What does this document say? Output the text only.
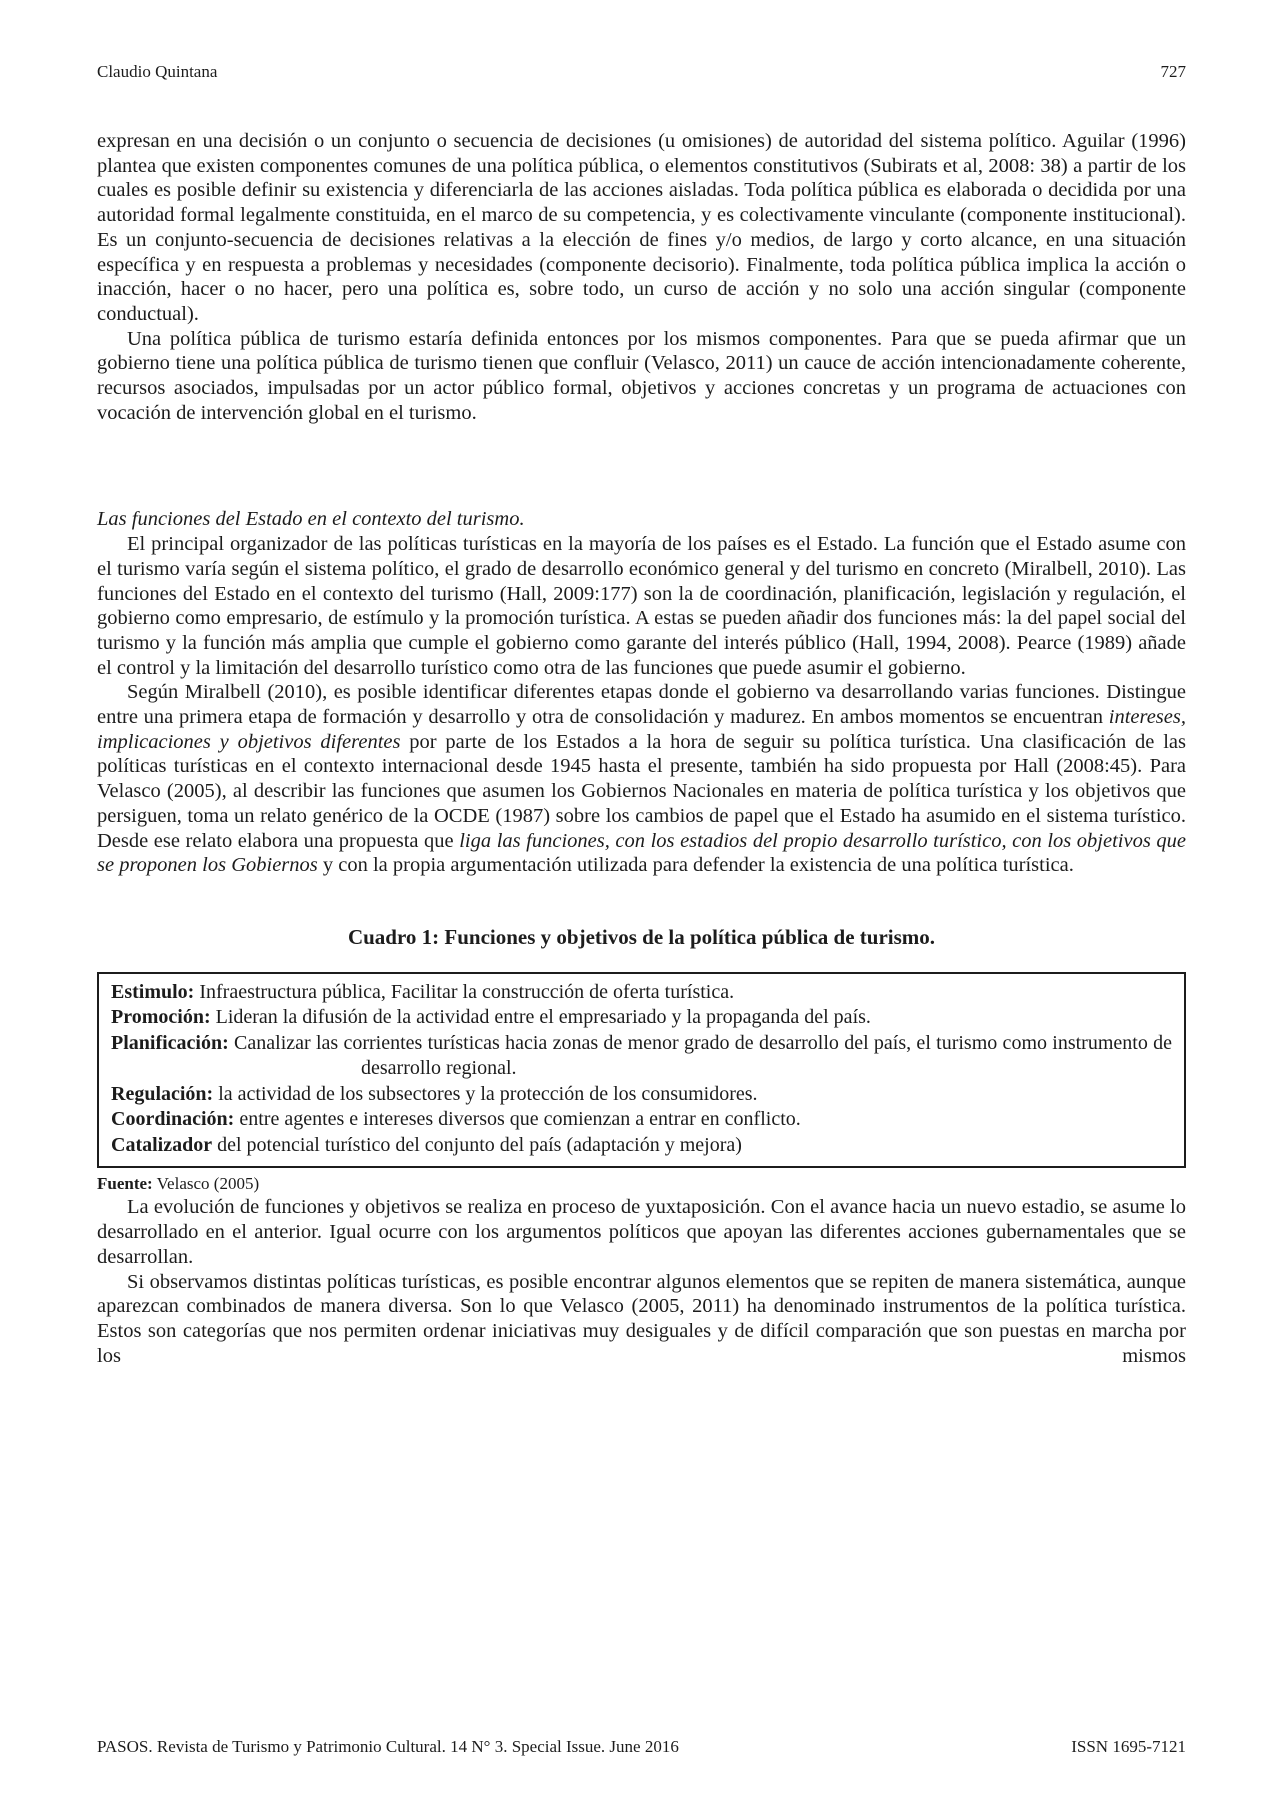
Claudio Quintana	727

expresan en una decisión o un conjunto o secuencia de decisiones (u omisiones) de autoridad del sistema político. Aguilar (1996) plantea que existen componentes comunes de una política pública, o elementos constitutivos (Subirats et al, 2008: 38) a partir de los cuales es posible definir su existencia y diferenciarla de las acciones aisladas. Toda política pública es elaborada o decidida por una autoridad formal legalmente constituida, en el marco de su competencia, y es colectivamente vinculante (componente institucional). Es un conjunto-secuencia de decisiones relativas a la elección de fines y/o medios, de largo y corto alcance, en una situación específica y en respuesta a problemas y necesidades (componente decisorio). Finalmente, toda política pública implica la acción o inacción, hacer o no hacer, pero una política es, sobre todo, un curso de acción y no solo una acción singular (componente conductual).

Una política pública de turismo estaría definida entonces por los mismos componentes. Para que se pueda afirmar que un gobierno tiene una política pública de turismo tienen que confluir (Velasco, 2011) un cauce de acción intencionadamente coherente, recursos asociados, impulsadas por un actor público formal, objetivos y acciones concretas y un programa de actuaciones con vocación de intervención global en el turismo.

Las funciones del Estado en el contexto del turismo.

El principal organizador de las políticas turísticas en la mayoría de los países es el Estado. La función que el Estado asume con el turismo varía según el sistema político, el grado de desarrollo económico general y del turismo en concreto (Miralbell, 2010). Las funciones del Estado en el contexto del turismo (Hall, 2009:177) son la de coordinación, planificación, legislación y regulación, el gobierno como empresario, de estímulo y la promoción turística. A estas se pueden añadir dos funciones más: la del papel social del turismo y la función más amplia que cumple el gobierno como garante del interés público (Hall, 1994, 2008). Pearce (1989) añade el control y la limitación del desarrollo turístico como otra de las funciones que puede asumir el gobierno.

Según Miralbell (2010), es posible identificar diferentes etapas donde el gobierno va desarrollando varias funciones. Distingue entre una primera etapa de formación y desarrollo y otra de consolidación y madurez. En ambos momentos se encuentran intereses, implicaciones y objetivos diferentes por parte de los Estados a la hora de seguir su política turística. Una clasificación de las políticas turísticas en el contexto internacional desde 1945 hasta el presente, también ha sido propuesta por Hall (2008:45). Para Velasco (2005), al describir las funciones que asumen los Gobiernos Nacionales en materia de política turística y los objetivos que persiguen, toma un relato genérico de la OCDE (1987) sobre los cambios de papel que el Estado ha asumido en el sistema turístico. Desde ese relato elabora una propuesta que liga las funciones, con los estadios del propio desarrollo turístico, con los objetivos que se proponen los Gobiernos y con la propia argumentación utilizada para defender la existencia de una política turística.

Cuadro 1: Funciones y objetivos de la política pública de turismo.
Estimulo: Infraestructura pública, Facilitar la construcción de oferta turística.
Promoción: Lideran la difusión de la actividad entre el empresariado y la propaganda del país.
Planificación: Canalizar las corrientes turísticas hacia zonas de menor grado de desarrollo del país, el turismo como instrumento de desarrollo regional.
Regulación: la actividad de los subsectores y la protección de los consumidores.
Coordinación: entre agentes e intereses diversos que comienzan a entrar en conflicto.
Catalizador del potencial turístico del conjunto del país (adaptación y mejora)
Fuente: Velasco (2005)

La evolución de funciones y objetivos se realiza en proceso de yuxtaposición. Con el avance hacia un nuevo estadio, se asume lo desarrollado en el anterior. Igual ocurre con los argumentos políticos que apoyan las diferentes acciones gubernamentales que se desarrollan.

Si observamos distintas políticas turísticas, es posible encontrar algunos elementos que se repiten de manera sistemática, aunque aparezcan combinados de manera diversa. Son lo que Velasco (2005, 2011) ha denominado instrumentos de la política turística. Estos son categorías que nos permiten ordenar iniciativas muy desiguales y de difícil comparación que son puestas en marcha por los mismos

PASOS. Revista de Turismo y Patrimonio Cultural. 14 N° 3. Special Issue. June 2016	ISSN 1695-7121
